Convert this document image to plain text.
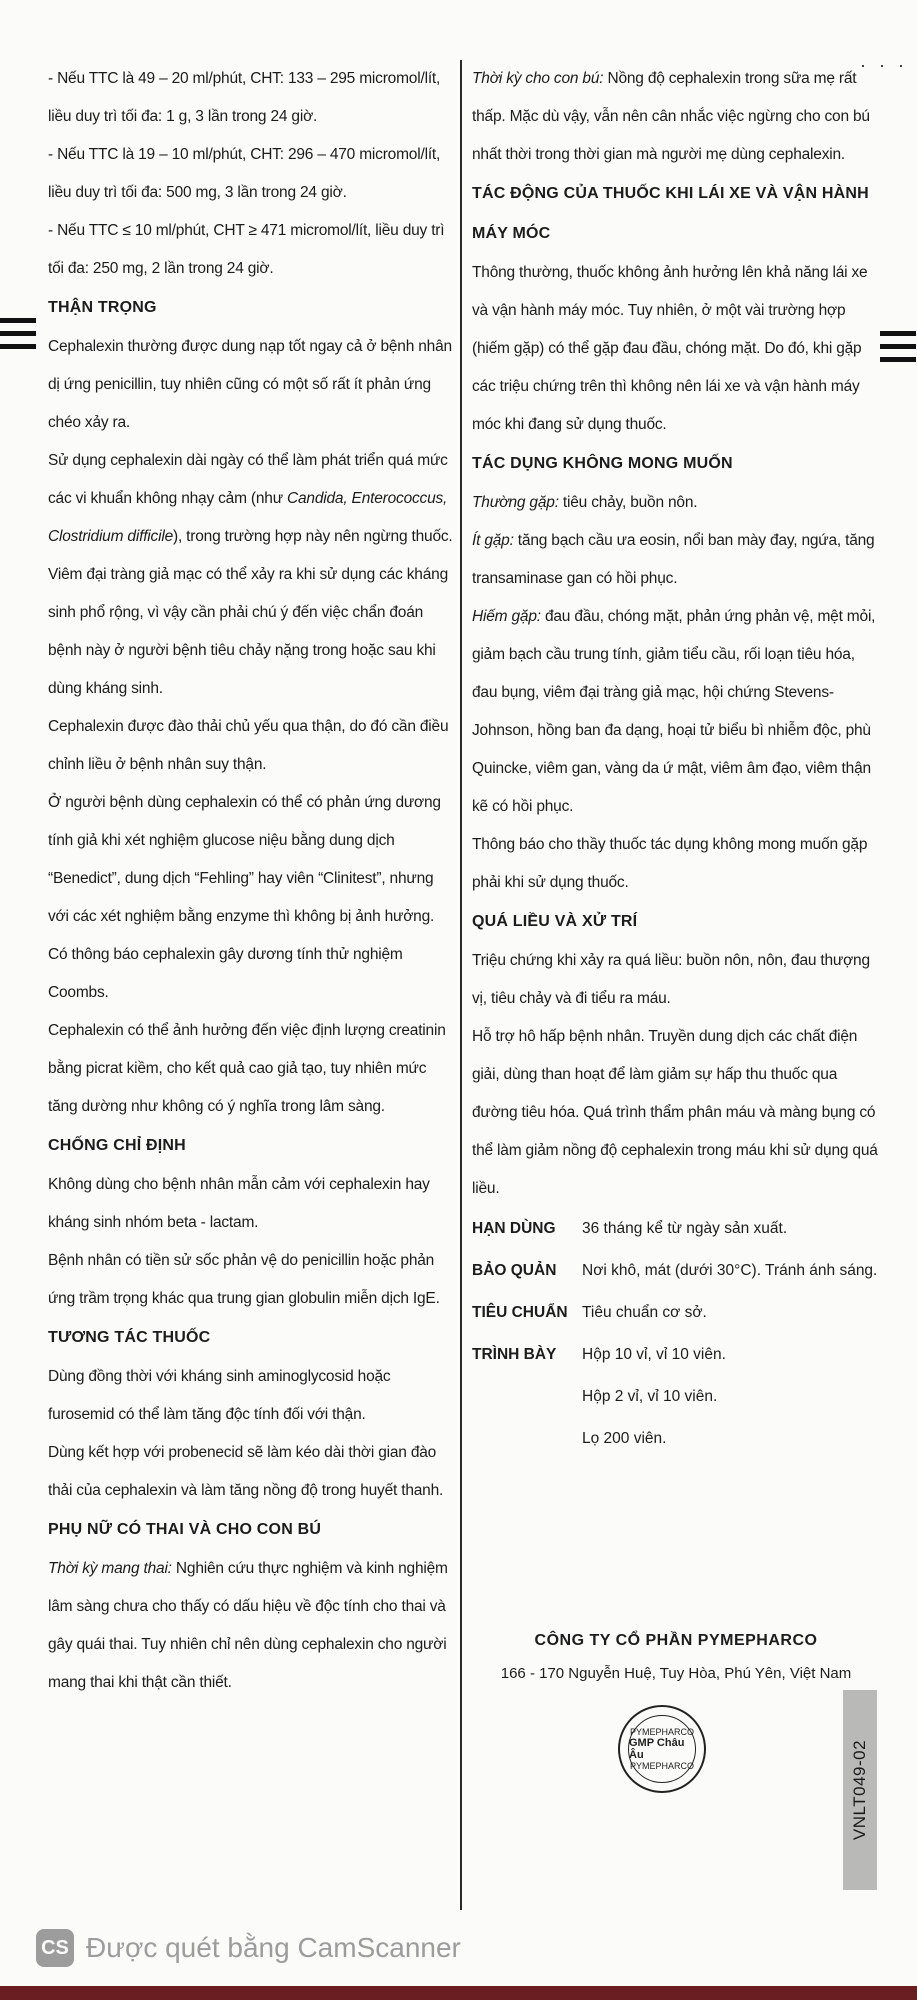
· · ·

- Nếu TTC là 49 – 20 ml/phút, CHT: 133 – 295 micromol/lít, liều duy trì tối đa: 1 g, 3 lần trong 24 giờ.

- Nếu TTC là 19 – 10 ml/phút, CHT: 296 – 470 micromol/lít, liều duy trì tối đa: 500 mg, 3 lần trong 24 giờ.

- Nếu TTC ≤ 10 ml/phút, CHT ≥ 471 micromol/lít, liều duy trì tối đa: 250 mg, 2 lần trong 24 giờ.

THẬN TRỌNG

Cephalexin thường được dung nạp tốt ngay cả ở bệnh nhân dị ứng penicillin, tuy nhiên cũng có một số rất ít phản ứng chéo xảy ra.

Sử dụng cephalexin dài ngày có thể làm phát triển quá mức các vi khuẩn không nhạy cảm (như Candida, Enterococcus, Clostridium difficile), trong trường hợp này nên ngừng thuốc.

Viêm đại tràng giả mạc có thể xảy ra khi sử dụng các kháng sinh phổ rộng, vì vậy cần phải chú ý đến việc chẩn đoán bệnh này ở người bệnh tiêu chảy nặng trong hoặc sau khi dùng kháng sinh.

Cephalexin được đào thải chủ yếu qua thận, do đó cần điều chỉnh liều ở bệnh nhân suy thận.

Ở người bệnh dùng cephalexin có thể có phản ứng dương tính giả khi xét nghiệm glucose niệu bằng dung dịch “Benedict”, dung dịch “Fehling” hay viên “Clinitest”, nhưng với các xét nghiệm bằng enzyme thì không bị ảnh hưởng.

Có thông báo cephalexin gây dương tính thử nghiệm Coombs.

Cephalexin có thể ảnh hưởng đến việc định lượng creatinin bằng picrat kiềm, cho kết quả cao giả tạo, tuy nhiên mức tăng dường như không có ý nghĩa trong lâm sàng.

CHỐNG CHỈ ĐỊNH

Không dùng cho bệnh nhân mẫn cảm với cephalexin hay kháng sinh nhóm beta - lactam.

Bệnh nhân có tiền sử sốc phản vệ do penicillin hoặc phản ứng trầm trọng khác qua trung gian globulin miễn dịch IgE.

TƯƠNG TÁC THUỐC

Dùng đồng thời với kháng sinh aminoglycosid hoặc furosemid có thể làm tăng độc tính đối với thận.

Dùng kết hợp với probenecid sẽ làm kéo dài thời gian đào thải của cephalexin và làm tăng nồng độ trong huyết thanh.

PHỤ NỮ CÓ THAI VÀ CHO CON BÚ

Thời kỳ mang thai: Nghiên cứu thực nghiệm và kinh nghiệm lâm sàng chưa cho thấy có dấu hiệu về độc tính cho thai và gây quái thai. Tuy nhiên chỉ nên dùng cephalexin cho người mang thai khi thật cần thiết.

Thời kỳ cho con bú: Nồng độ cephalexin trong sữa mẹ rất thấp. Mặc dù vậy, vẫn nên cân nhắc việc ngừng cho con bú nhất thời trong thời gian mà người mẹ dùng cephalexin.

TÁC ĐỘNG CỦA THUỐC KHI LÁI XE VÀ VẬN HÀNH MÁY MÓC

Thông thường, thuốc không ảnh hưởng lên khả năng lái xe và vận hành máy móc. Tuy nhiên, ở một vài trường hợp (hiếm gặp) có thể gặp đau đầu, chóng mặt. Do đó, khi gặp các triệu chứng trên thì không nên lái xe và vận hành máy móc khi đang sử dụng thuốc.

TÁC DỤNG KHÔNG MONG MUỐN

Thường gặp: tiêu chảy, buồn nôn.

Ít gặp: tăng bạch cầu ưa eosin, nổi ban mày đay, ngứa, tăng transaminase gan có hồi phục.

Hiếm gặp: đau đầu, chóng mặt, phản ứng phản vệ, mệt mỏi, giảm bạch cầu trung tính, giảm tiểu cầu, rối loạn tiêu hóa, đau bụng, viêm đại tràng giả mạc, hội chứng Stevens-Johnson, hồng ban đa dạng, hoại tử biểu bì nhiễm độc, phù Quincke, viêm gan, vàng da ứ mật, viêm âm đạo, viêm thận kẽ có hồi phục.

Thông báo cho thầy thuốc tác dụng không mong muốn gặp phải khi sử dụng thuốc.

QUÁ LIỀU VÀ XỬ TRÍ

Triệu chứng khi xảy ra quá liều: buồn nôn, nôn, đau thượng vị, tiêu chảy và đi tiểu ra máu.

Hỗ trợ hô hấp bệnh nhân. Truyền dung dịch các chất điện giải, dùng than hoạt để làm giảm sự hấp thu thuốc qua đường tiêu hóa. Quá trình thẩm phân máu và màng bụng có thể làm giảm nồng độ cephalexin trong máu khi sử dụng quá liều.

HẠN DÙNG	36 tháng kể từ ngày sản xuất.
BẢO QUẢN	Nơi khô, mát (dưới 30°C). Tránh ánh sáng.
TIÊU CHUẨN Tiêu chuẩn cơ sở.
TRÌNH BÀY	Hộp 10 vỉ, vỉ 10 viên.
Hộp 2 vỉ, vỉ 10 viên.
Lọ 200 viên.
CÔNG TY CỔ PHẦN PYMEPHARCO
166 - 170 Nguyễn Huệ, Tuy Hòa, Phú Yên, Việt Nam
PYMEPHARCO
GMP Châu Âu
PYMEPHARCO	VNLT049-02
CS Được quét bằng CamScanner
